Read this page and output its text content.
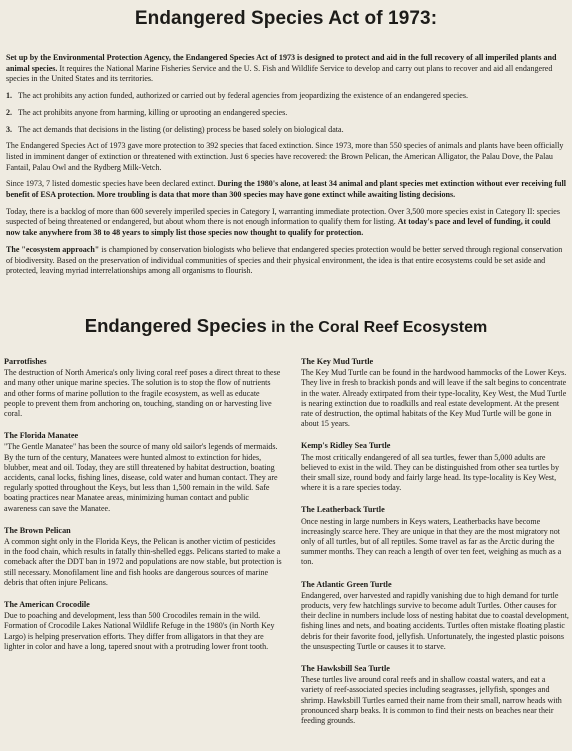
Endangered Species Act of 1973:

Set up by the Environmental Protection Agency, the Endangered Species Act of 1973 is designed to protect and aid in the full recovery of all imperiled plants and animal species. It requires the National Marine Fisheries Service and the U. S. Fish and Wildlife Service to develop and carry out plans to recover and aid all endangered species in the United States and its territories.

1. The act prohibits any action funded, authorized or carried out by federal agencies from jeopardizing the existence of an endangered species.

2. The act prohibits anyone from harming, killing or uprooting an endangered species.

3. The act demands that decisions in the listing (or delisting) process be based solely on biological data.

The Endangered Species Act of 1973 gave more protection to 392 species that faced extinction. Since 1973, more than 550 species of animals and plants have been officially listed in imminent danger of extinction or threatened with extinction. Just 6 species have recovered: the Brown Pelican, the American Alligator, the Palau Dove, the Palau Fantail, Palau Owl and the Rydberg Milk-Vetch.

Since 1973, 7 listed domestic species have been declared extinct. During the 1980's alone, at least 34 animal and plant species met extinction without ever receiving full benefit of ESA protection. More troubling is data that more than 300 species may have gone extinct while awaiting listing decisions.

Today, there is a backlog of more than 600 severely imperiled species in Category I, warranting immediate protection. Over 3,500 more species exist in Category II: species suspected of being threatened or endangered, but about whom there is not enough information to qualify them for listing. At today's pace and level of funding, it could now take anywhere from 38 to 48 years to simply list those species now thought to qualify for protection.

The "ecosystem approach" is championed by conservation biologists who believe that endangered species protection would be better served through regional conservation of biodiversity. Based on the preservation of individual communities of species and their physical environment, the idea is that entire ecosystems could be set aside and protected, leaving myriad interrelationships among all organisms to flourish.

Endangered Species in the Coral Reef Ecosystem
Parrotfishes

The destruction of North America's only living coral reef poses a direct threat to these and many other unique marine species. The solution is to stop the flow of nutrients and other forms of marine pollution to the fragile ecosystem, as well as educate people to prevent them from anchoring on, touching, standing on or harvesting live coral.

The Florida Manatee

"The Gentle Manatee" has been the source of many old sailor's legends of mermaids. By the turn of the century, Manatees were hunted almost to extinction for hides, blubber, meat and oil. Today, they are still threatened by habitat destruction, boating accidents, canal locks, fishing lines, disease, cold water and human contact. They are regularly spotted throughout the Keys, but less than 1,500 remain in the wild. Safe boating practices near Manatee areas, minimizing human contact and public awareness can save the Manatee.

The Brown Pelican

A common sight only in the Florida Keys, the Pelican is another victim of pesticides in the food chain, which results in fatally thin-shelled eggs. Pelicans started to make a comeback after the DDT ban in 1972 and populations are now stable, but protection is still necessary. Monofilament line and fish hooks are dangerous sources of marine debris that often injure Pelicans.

The American Crocodile

Due to poaching and development, less than 500 Crocodiles remain in the wild. Formation of Crocodile Lakes National Wildlife Refuge in the 1980's (in North Key Largo) is helping preservation efforts. They differ from alligators in that they are lighter in color and have a long, tapered snout with a protruding lower front tooth.

The Key Mud Turtle

The Key Mud Turtle can be found in the hardwood hammocks of the Lower Keys. They live in fresh to brackish ponds and will leave if the salt begins to concentrate in the water. Already extirpated from their type-locality, Key West, the Mud Turtle is nearing extinction due to roadkills and real estate development. At the present rate of destruction, the optimal habitats of the Key Mud Turtle will be gone in about 15 years.

Kemp's Ridley Sea Turtle

The most critically endangered of all sea turtles, fewer than 5,000 adults are believed to exist in the wild. They can be distinguished from other sea turtles by their small size, round body and fairly large head. Its type-locality is Key West, where it is a rare species today.

The Leatherback Turtle

Once nesting in large numbers in Keys waters, Leatherbacks have become increasingly scarce here. They are unique in that they are the most migratory not only of all turtles, but of all reptiles. Some travel as far as the Arctic during the summer months. They can reach a length of over ten feet, weighing as much as a ton.

The Atlantic Green Turtle

Endangered, over harvested and rapidly vanishing due to high demand for turtle products, very few hatchlings survive to become adult Turtles. Other causes for their decline in numbers include loss of nesting habitat due to coastal development, fishing lines and nets, and boating accidents. Turtles often mistake floating plastic debris for their favorite food, jellyfish. Unfortunately, the ingested plastic poisons the unsuspecting Turtle or causes it to starve.

The Hawksbill Sea Turtle

These turtles live around coral reefs and in shallow coastal waters, and eat a variety of reef-associated species including seagrasses, jellyfish, sponges and shrimp. Hawksbill Turtles earned their name from their small, narrow heads with pronounced sharp beaks. It is common to find their nests on beaches near their feeding grounds.
